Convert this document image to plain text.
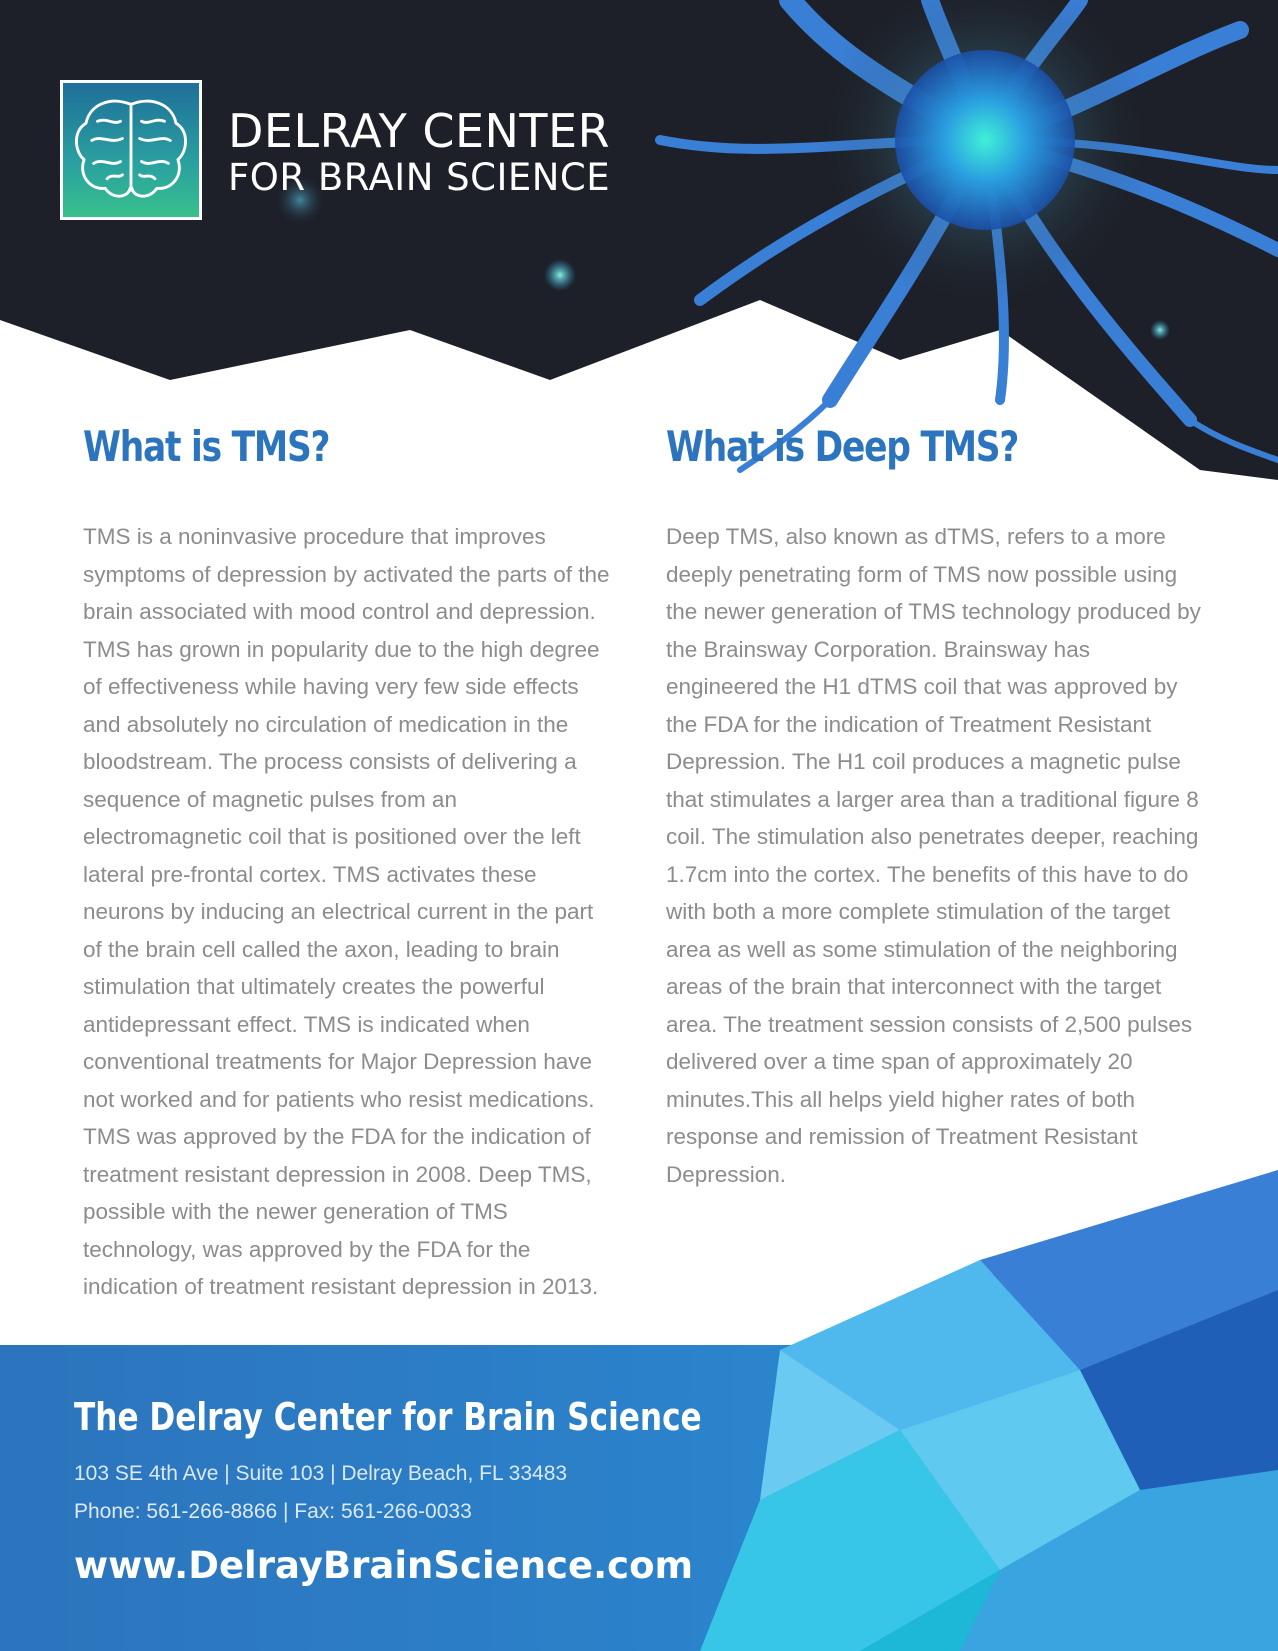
DELRAY CENTER
FOR BRAIN SCIENCE
What is TMS?

TMS is a noninvasive procedure that improves symptoms of depression by activated the parts of the brain associated with mood control and depression. TMS has grown in popularity due to the high degree of effectiveness while having very few side effects and absolutely no circulation of medication in the bloodstream. The process consists of delivering a sequence of magnetic pulses from an electromagnetic coil that is positioned over the left lateral pre-frontal cortex. TMS activates these neurons by inducing an electrical current in the part of the brain cell called the axon, leading to brain stimulation that ultimately creates the powerful antidepressant effect. TMS is indicated when conventional treatments for Major Depression have not worked and for patients who resist medications. TMS was approved by the FDA for the indication of treatment resistant depression in 2008. Deep TMS, possible with the newer generation of TMS technology, was approved by the FDA for the indication of treatment resistant depression in 2013.

What is Deep TMS?

Deep TMS, also known as dTMS, refers to a more deeply penetrating form of TMS now possible using the newer generation of TMS technology produced by the Brainsway Corporation. Brainsway has engineered the H1 dTMS coil that was approved by the FDA for the indication of Treatment Resistant Depression. The H1 coil produces a magnetic pulse that stimulates a larger area than a traditional figure 8 coil. The stimulation also penetrates deeper, reaching 1.7cm into the cortex. The benefits of this have to do with both a more complete stimulation of the target area as well as some stimulation of the neighboring areas of the brain that interconnect with the target area. The treatment session consists of 2,500 pulses delivered over a time span of approximately 20 minutes.This all helps yield higher rates of both response and remission of Treatment Resistant Depression.

The Delray Center for Brain Science
103 SE 4th Ave | Suite 103 | Delray Beach, FL 33483
Phone: 561-266-8866 | Fax: 561-266-0033
www.DelrayBrainScience.com
